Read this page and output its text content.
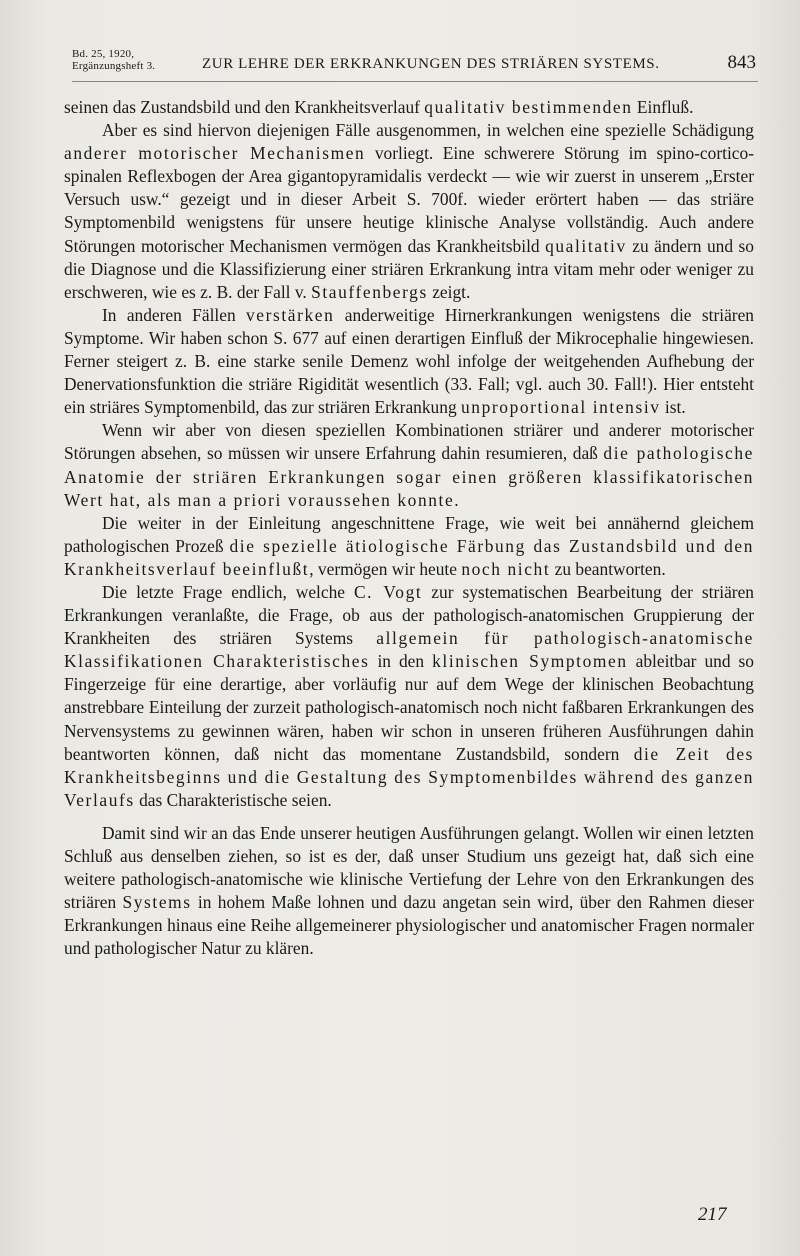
Bd. 25, 1920,
Ergänzungsheft 3.	ZUR LEHRE DER ERKRANKUNGEN DES STRIÄREN SYSTEMS.	843

seinen das Zustandsbild und den Krankheitsverlauf qualitativ bestimmenden Einfluß.

Aber es sind hiervon diejenigen Fälle ausgenommen, in welchen eine spezielle Schädigung anderer motorischer Mechanismen vorliegt. Eine schwerere Störung im spino-cortico-spinalen Reflexbogen der Area gigantopyramidalis verdeckt — wie wir zuerst in unserem „Erster Versuch usw.“ gezeigt und in dieser Arbeit S. 700f. wieder erörtert haben — das striäre Symptomenbild wenigstens für unsere heutige klinische Analyse vollständig. Auch andere Störungen motorischer Mechanismen vermögen das Krankheitsbild qualitativ zu ändern und so die Diagnose und die Klassifizierung einer striären Erkrankung intra vitam mehr oder weniger zu erschweren, wie es z. B. der Fall v. Stauffenbergs zeigt.

In anderen Fällen verstärken anderweitige Hirnerkrankungen wenigstens die striären Symptome. Wir haben schon S. 677 auf einen derartigen Einfluß der Mikrocephalie hingewiesen. Ferner steigert z. B. eine starke senile Demenz wohl infolge der weitgehenden Aufhebung der Denervationsfunktion die striäre Rigidität wesentlich (33. Fall; vgl. auch 30. Fall!). Hier entsteht ein striäres Symptomenbild, das zur striären Erkrankung unproportional intensiv ist.

Wenn wir aber von diesen speziellen Kombinationen striärer und anderer motorischer Störungen absehen, so müssen wir unsere Erfahrung dahin resumieren, daß die pathologische Anatomie der striären Erkrankungen sogar einen größeren klassifikatorischen Wert hat, als man a priori voraussehen konnte.

Die weiter in der Einleitung angeschnittene Frage, wie weit bei annähernd gleichem pathologischen Prozeß die spezielle ätiologische Färbung das Zustandsbild und den Krankheitsverlauf beeinflußt, vermögen wir heute noch nicht zu beantworten.

Die letzte Frage endlich, welche C. Vogt zur systematischen Bearbeitung der striären Erkrankungen veranlaßte, die Frage, ob aus der pathologisch-anatomischen Gruppierung der Krankheiten des striären Systems allgemein für pathologisch-anatomische Klassifikationen Charakteristisches in den klinischen Symptomen ableitbar und so Fingerzeige für eine derartige, aber vorläufig nur auf dem Wege der klinischen Beobachtung anstrebbare Einteilung der zurzeit pathologisch-anatomisch noch nicht faßbaren Erkrankungen des Nervensystems zu gewinnen wären, haben wir schon in unseren früheren Ausführungen dahin beantworten können, daß nicht das momentane Zustandsbild, sondern die Zeit des Krankheitsbeginns und die Gestaltung des Symptomenbildes während des ganzen Verlaufs das Charakteristische seien.

Damit sind wir an das Ende unserer heutigen Ausführungen gelangt. Wollen wir einen letzten Schluß aus denselben ziehen, so ist es der, daß unser Studium uns gezeigt hat, daß sich eine weitere pathologisch-anatomische wie klinische Vertiefung der Lehre von den Erkrankungen des striären Systems in hohem Maße lohnen und dazu angetan sein wird, über den Rahmen dieser Erkrankungen hinaus eine Reihe allgemeinerer physiologischer und anatomischer Fragen normaler und pathologischer Natur zu klären.

217
